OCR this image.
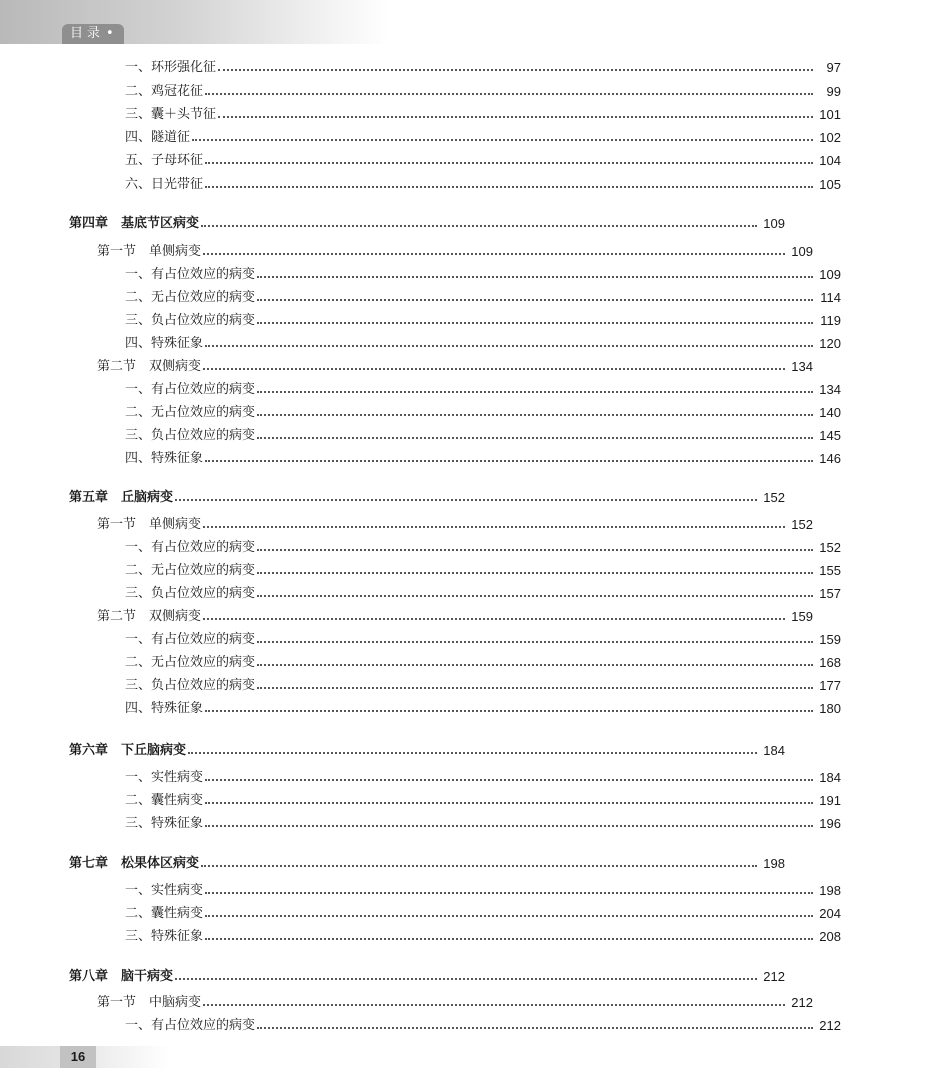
目录 •
一、环形强化征	97
二、鸡冠花征	99
三、囊＋头节征	101
四、隧道征	102
五、子母环征	104
六、日光带征	105
第四章　基底节区病变	109
第一节　单侧病变	109
一、有占位效应的病变	109
二、无占位效应的病变	114
三、负占位效应的病变	119
四、特殊征象	120
第二节　双侧病变	134
一、有占位效应的病变	134
二、无占位效应的病变	140
三、负占位效应的病变	145
四、特殊征象	146
第五章　丘脑病变	152
第一节　单侧病变	152
一、有占位效应的病变	152
二、无占位效应的病变	155
三、负占位效应的病变	157
第二节　双侧病变	159
一、有占位效应的病变	159
二、无占位效应的病变	168
三、负占位效应的病变	177
四、特殊征象	180
第六章　下丘脑病变	184
一、实性病变	184
二、囊性病变	191
三、特殊征象	196
第七章　松果体区病变	198
一、实性病变	198
二、囊性病变	204
三、特殊征象	208
第八章　脑干病变	212
第一节　中脑病变	212
一、有占位效应的病变	212
16
